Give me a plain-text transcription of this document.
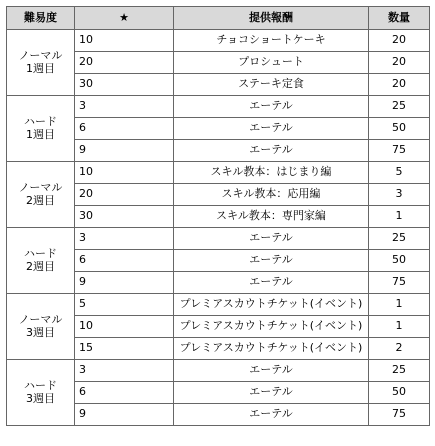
難易度	★	提供報酬	数量

ノーマル
1週目	10	チョコショートケーキ	20
	20	プロシュート	20
	30	ステーキ定食	20

ハード
1週目	3	エーテル	25
	6	エーテル	50
	9	エーテル	75

ノーマル
2週目	10	スキル教本：はじまり編	5
	20	スキル教本：応用編	3
	30	スキル教本：専門家編	1

ハード
2週目	3	エーテル	25
	6	エーテル	50
	9	エーテル	75

ノーマル
3週目	5	プレミアスカウトチケット(イベント)	1
	10	プレミアスカウトチケット(イベント)	1
	15	プレミアスカウトチケット(イベント)	2

ハード
3週目	3	エーテル	25
	6	エーテル	50
	9	エーテル	75
